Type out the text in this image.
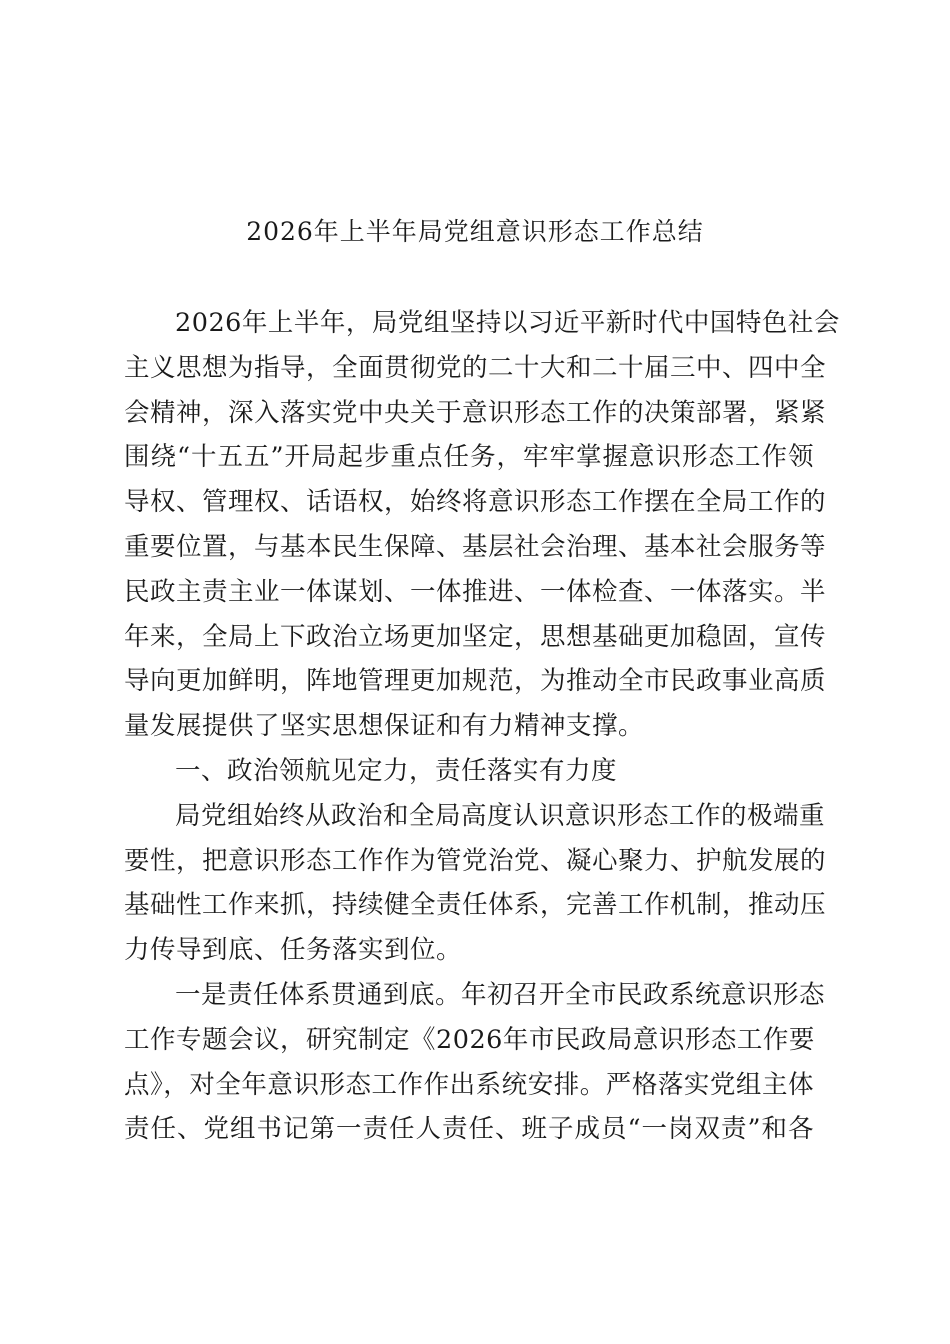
2026年上半年局党组意识形态工作总结
2026年上半年，局党组坚持以习近平新时代中国特色社会
主义思想为指导，全面贯彻党的二十大和二十届三中、四中全
会精神，深入落实党中央关于意识形态工作的决策部署，紧紧
围绕“十五五”开局起步重点任务，牢牢掌握意识形态工作领
导权、管理权、话语权，始终将意识形态工作摆在全局工作的
重要位置，与基本民生保障、基层社会治理、基本社会服务等
民政主责主业一体谋划、一体推进、一体检查、一体落实。半
年来，全局上下政治立场更加坚定，思想基础更加稳固，宣传
导向更加鲜明，阵地管理更加规范，为推动全市民政事业高质
量发展提供了坚实思想保证和有力精神支撑。
一、政治领航见定力，责任落实有力度
局党组始终从政治和全局高度认识意识形态工作的极端重
要性，把意识形态工作作为管党治党、凝心聚力、护航发展的
基础性工作来抓，持续健全责任体系，完善工作机制，推动压
力传导到底、任务落实到位。
一是责任体系贯通到底。年初召开全市民政系统意识形态
工作专题会议，研究制定《2026年市民政局意识形态工作要
点》，对全年意识形态工作作出系统安排。严格落实党组主体
责任、党组书记第一责任人责任、班子成员“一岗双责”和各
